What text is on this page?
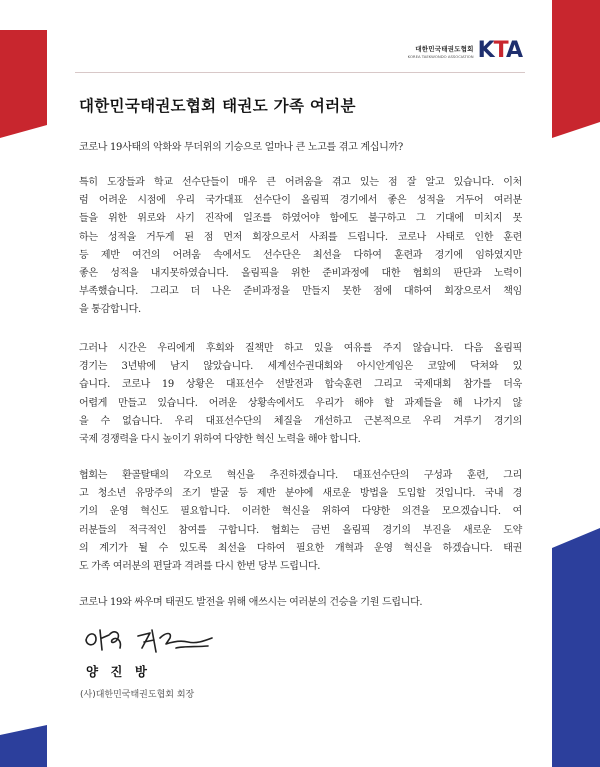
대한민국태권도협회
KOREA TAEKWONDO ASSOCIATION KTA
대한민국태권도협회 태권도 가족 여러분
코로나 19사태의 악화와 무더위의 기승으로 얼마나 큰 노고를 겪고 계십니까?
특히 도장들과 학교 선수단들이 매우 큰 어려움을 겪고 있는 점 잘 알고 있습니다. 이처
럼 어려운 시점에 우리 국가대표 선수단이 올림픽 경기에서 좋은 성적을 거두어 여러분
들을 위한 위로와 사기 진작에 일조를 하였어야 함에도 불구하고 그 기대에 미치지 못
하는 성적을 거두게 된 점 먼저 회장으로서 사죄를 드립니다. 코로나 사태로 인한 훈련
등 제반 여건의 어려움 속에서도 선수단은 최선을 다하여 훈련과 경기에 임하였지만
좋은 성적을 내지못하였습니다. 올림픽을 위한 준비과정에 대한 협회의 판단과 노력이
부족했습니다. 그리고 더 나은 준비과정을 만들지 못한 점에 대하여 회장으로서 책임
을 통감합니다.
그러나 시간은 우리에게 후회와 질책만 하고 있을 여유를 주지 않습니다. 다음 올림픽
경기는 3년밖에 남지 않았습니다. 세계선수권대회와 아시안게임은 코앞에 닥쳐와 있
습니다. 코로나 19 상황은 대표선수 선발전과 합숙훈련 그리고 국제대회 참가를 더욱
어렵게 만들고 있습니다. 어려운 상황속에서도 우리가 해야 할 과제들을 해 나가지 않
을 수 없습니다. 우리 대표선수단의 체질을 개선하고 근본적으로 우리 겨루기 경기의
국제 경쟁력을 다시 높이기 위하여 다양한 혁신 노력을 해야 합니다.
협회는 환골탈태의 각오로 혁신을 추진하겠습니다. 대표선수단의 구성과 훈련, 그리
고 청소년 유망주의 조기 발굴 등 제반 분야에 새로운 방법을 도입할 것입니다. 국내 경
기의 운영 혁신도 필요합니다. 이러한 혁신을 위하여 다양한 의견을 모으겠습니다. 여
러분들의 적극적인 참여를 구합니다. 협회는 금번 올림픽 경기의 부진을 새로운 도약
의 계기가 될 수 있도록 최선을 다하여 필요한 개혁과 운영 혁신을 하겠습니다. 태권
도 가족 여러분의 편달과 격려를 다시 한번 당부 드립니다.
코로나 19와 싸우며 태권도 발전을 위해 애쓰시는 여러분의 건승을 기원 드립니다.
양 진 방
(사)대한민국태권도협회 회장
